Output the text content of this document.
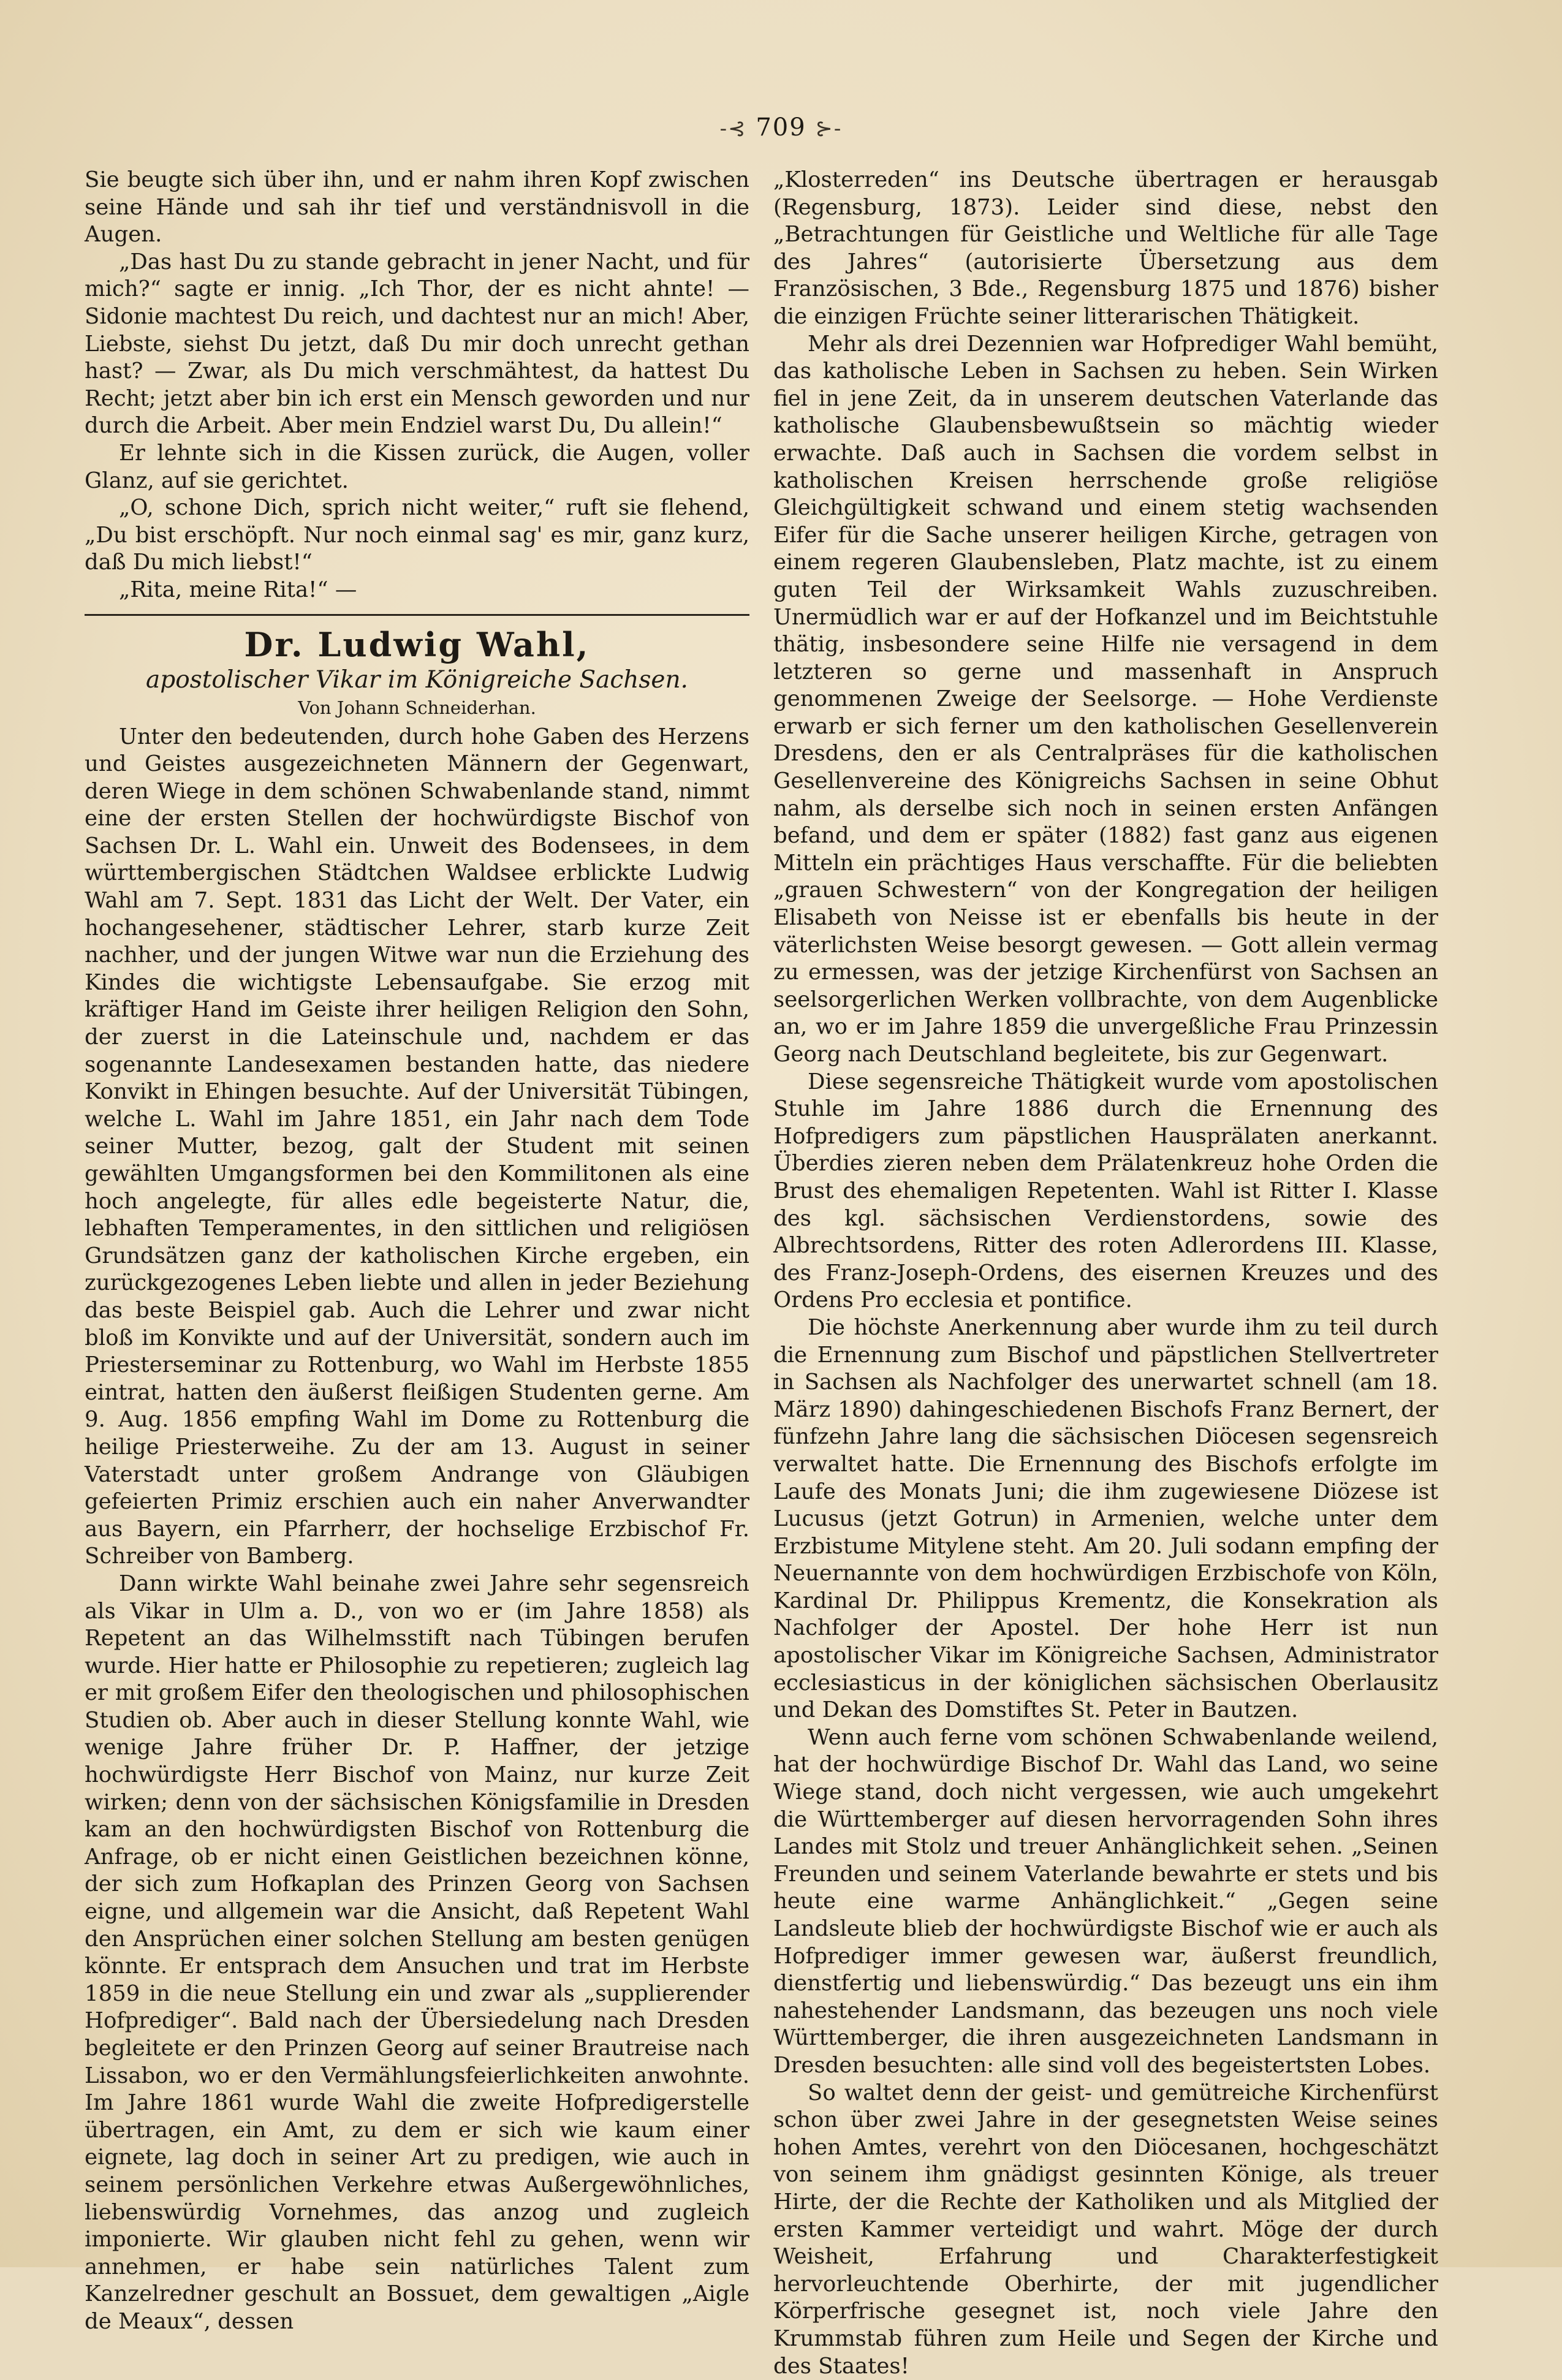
-⊰ 709 ⊱-

Sie beugte sich über ihn, und er nahm ihren Kopf zwischen seine Hände und sah ihr tief und verständnisvoll in die Augen.

„Das hast Du zu stande gebracht in jener Nacht, und für mich?“ sagte er innig. „Ich Thor, der es nicht ahnte! — Sidonie machtest Du reich, und dachtest nur an mich! Aber, Liebste, siehst Du jetzt, daß Du mir doch unrecht gethan hast? — Zwar, als Du mich verschmähtest, da hattest Du Recht; jetzt aber bin ich erst ein Mensch geworden und nur durch die Arbeit. Aber mein Endziel warst Du, Du allein!“

Er lehnte sich in die Kissen zurück, die Augen, voller Glanz, auf sie gerichtet.

„O, schone Dich, sprich nicht weiter,“ ruft sie flehend, „Du bist erschöpft. Nur noch einmal sag' es mir, ganz kurz, daß Du mich liebst!“

„Rita, meine Rita!“ —

Dr. Ludwig Wahl,
apostolischer Vikar im Königreiche Sachsen.
Von Johann Schneiderhan.

Unter den bedeutenden, durch hohe Gaben des Herzens und Geistes ausgezeichneten Männern der Gegenwart, deren Wiege in dem schönen Schwabenlande stand, nimmt eine der ersten Stellen der hochwürdigste Bischof von Sachsen Dr. L. Wahl ein. Unweit des Bodensees, in dem württembergischen Städtchen Waldsee erblickte Ludwig Wahl am 7. Sept. 1831 das Licht der Welt. Der Vater, ein hochangesehener, städtischer Lehrer, starb kurze Zeit nachher, und der jungen Witwe war nun die Erziehung des Kindes die wichtigste Lebensaufgabe. Sie erzog mit kräftiger Hand im Geiste ihrer heiligen Religion den Sohn, der zuerst in die Lateinschule und, nachdem er das sogenannte Landesexamen bestanden hatte, das niedere Konvikt in Ehingen besuchte. Auf der Universität Tübingen, welche L. Wahl im Jahre 1851, ein Jahr nach dem Tode seiner Mutter, bezog, galt der Student mit seinen gewählten Umgangsformen bei den Kommilitonen als eine hoch angelegte, für alles edle begeisterte Natur, die, lebhaften Temperamentes, in den sittlichen und religiösen Grundsätzen ganz der katholischen Kirche ergeben, ein zurückgezogenes Leben liebte und allen in jeder Beziehung das beste Beispiel gab. Auch die Lehrer und zwar nicht bloß im Konvikte und auf der Universität, sondern auch im Priesterseminar zu Rottenburg, wo Wahl im Herbste 1855 eintrat, hatten den äußerst fleißigen Studenten gerne. Am 9. Aug. 1856 empfing Wahl im Dome zu Rottenburg die heilige Priesterweihe. Zu der am 13. August in seiner Vaterstadt unter großem Andrange von Gläubigen gefeierten Primiz erschien auch ein naher Anverwandter aus Bayern, ein Pfarrherr, der hochselige Erzbischof Fr. Schreiber von Bamberg.

Dann wirkte Wahl beinahe zwei Jahre sehr segensreich als Vikar in Ulm a. D., von wo er (im Jahre 1858) als Repetent an das Wilhelmsstift nach Tübingen berufen wurde. Hier hatte er Philosophie zu repetieren; zugleich lag er mit großem Eifer den theologischen und philosophischen Studien ob. Aber auch in dieser Stellung konnte Wahl, wie wenige Jahre früher Dr. P. Haffner, der jetzige hochwürdigste Herr Bischof von Mainz, nur kurze Zeit wirken; denn von der sächsischen Königsfamilie in Dresden kam an den hochwürdigsten Bischof von Rottenburg die Anfrage, ob er nicht einen Geistlichen bezeichnen könne, der sich zum Hofkaplan des Prinzen Georg von Sachsen eigne, und allgemein war die Ansicht, daß Repetent Wahl den Ansprüchen einer solchen Stellung am besten genügen könnte. Er entsprach dem Ansuchen und trat im Herbste 1859 in die neue Stellung ein und zwar als „supplierender Hofprediger“. Bald nach der Übersiedelung nach Dresden begleitete er den Prinzen Georg auf seiner Brautreise nach Lissabon, wo er den Vermählungsfeierlichkeiten anwohnte. Im Jahre 1861 wurde Wahl die zweite Hofpredigerstelle übertragen, ein Amt, zu dem er sich wie kaum einer eignete, lag doch in seiner Art zu predigen, wie auch in seinem persönlichen Verkehre etwas Außergewöhnliches, liebenswürdig Vornehmes, das anzog und zugleich imponierte. Wir glauben nicht fehl zu gehen, wenn wir annehmen, er habe sein natürliches Talent zum Kanzelredner geschult an Bossuet, dem gewaltigen „Aigle de Meaux“, dessen

„Klosterreden“ ins Deutsche übertragen er herausgab (Regensburg, 1873). Leider sind diese, nebst den „Betrachtungen für Geistliche und Weltliche für alle Tage des Jahres“ (autorisierte Übersetzung aus dem Französischen, 3 Bde., Regensburg 1875 und 1876) bisher die einzigen Früchte seiner litterarischen Thätigkeit.

Mehr als drei Dezennien war Hofprediger Wahl bemüht, das katholische Leben in Sachsen zu heben. Sein Wirken fiel in jene Zeit, da in unserem deutschen Vaterlande das katholische Glaubensbewußtsein so mächtig wieder erwachte. Daß auch in Sachsen die vordem selbst in katholischen Kreisen herrschende große religiöse Gleichgültigkeit schwand und einem stetig wachsenden Eifer für die Sache unserer heiligen Kirche, getragen von einem regeren Glaubensleben, Platz machte, ist zu einem guten Teil der Wirksamkeit Wahls zuzuschreiben. Unermüdlich war er auf der Hofkanzel und im Beichtstuhle thätig, insbesondere seine Hilfe nie versagend in dem letzteren so gerne und massenhaft in Anspruch genommenen Zweige der Seelsorge. — Hohe Verdienste erwarb er sich ferner um den katholischen Gesellenverein Dresdens, den er als Centralpräses für die katholischen Gesellenvereine des Königreichs Sachsen in seine Obhut nahm, als derselbe sich noch in seinen ersten Anfängen befand, und dem er später (1882) fast ganz aus eigenen Mitteln ein prächtiges Haus verschaffte. Für die beliebten „grauen Schwestern“ von der Kongregation der heiligen Elisabeth von Neisse ist er ebenfalls bis heute in der väterlichsten Weise besorgt gewesen. — Gott allein vermag zu ermessen, was der jetzige Kirchenfürst von Sachsen an seelsorgerlichen Werken vollbrachte, von dem Augenblicke an, wo er im Jahre 1859 die unvergeßliche Frau Prinzessin Georg nach Deutschland begleitete, bis zur Gegenwart.

Diese segensreiche Thätigkeit wurde vom apostolischen Stuhle im Jahre 1886 durch die Ernennung des Hofpredigers zum päpstlichen Hausprälaten anerkannt. Überdies zieren neben dem Prälatenkreuz hohe Orden die Brust des ehemaligen Repetenten. Wahl ist Ritter I. Klasse des kgl. sächsischen Verdienstordens, sowie des Albrechtsordens, Ritter des roten Adlerordens III. Klasse, des Franz-Joseph-Ordens, des eisernen Kreuzes und des Ordens Pro ecclesia et pontifice.

Die höchste Anerkennung aber wurde ihm zu teil durch die Ernennung zum Bischof und päpstlichen Stellvertreter in Sachsen als Nachfolger des unerwartet schnell (am 18. März 1890) dahingeschiedenen Bischofs Franz Bernert, der fünfzehn Jahre lang die sächsischen Diöcesen segensreich verwaltet hatte. Die Ernennung des Bischofs erfolgte im Laufe des Monats Juni; die ihm zugewiesene Diözese ist Lucusus (jetzt Gotrun) in Armenien, welche unter dem Erzbistume Mitylene steht. Am 20. Juli sodann empfing der Neuernannte von dem hochwürdigen Erzbischofe von Köln, Kardinal Dr. Philippus Krementz, die Konsekration als Nachfolger der Apostel. Der hohe Herr ist nun apostolischer Vikar im Königreiche Sachsen, Administrator ecclesiasticus in der königlichen sächsischen Oberlausitz und Dekan des Domstiftes St. Peter in Bautzen.

Wenn auch ferne vom schönen Schwabenlande weilend, hat der hochwürdige Bischof Dr. Wahl das Land, wo seine Wiege stand, doch nicht vergessen, wie auch umgekehrt die Württemberger auf diesen hervorragenden Sohn ihres Landes mit Stolz und treuer Anhänglichkeit sehen. „Seinen Freunden und seinem Vaterlande bewahrte er stets und bis heute eine warme Anhänglichkeit.“ „Gegen seine Landsleute blieb der hochwürdigste Bischof wie er auch als Hofprediger immer gewesen war, äußerst freundlich, dienstfertig und liebenswürdig.“ Das bezeugt uns ein ihm nahestehender Landsmann, das bezeugen uns noch viele Württemberger, die ihren ausgezeichneten Landsmann in Dresden besuchten: alle sind voll des begeistertsten Lobes.

So waltet denn der geist- und gemütreiche Kirchenfürst schon über zwei Jahre in der gesegnetsten Weise seines hohen Amtes, verehrt von den Diöcesanen, hochgeschätzt von seinem ihm gnädigst gesinnten Könige, als treuer Hirte, der die Rechte der Katholiken und als Mitglied der ersten Kammer verteidigt und wahrt. Möge der durch Weisheit, Erfahrung und Charakterfestigkeit hervorleuchtende Oberhirte, der mit jugendlicher Körperfrische gesegnet ist, noch viele Jahre den Krummstab führen zum Heile und Segen der Kirche und des Staates!
